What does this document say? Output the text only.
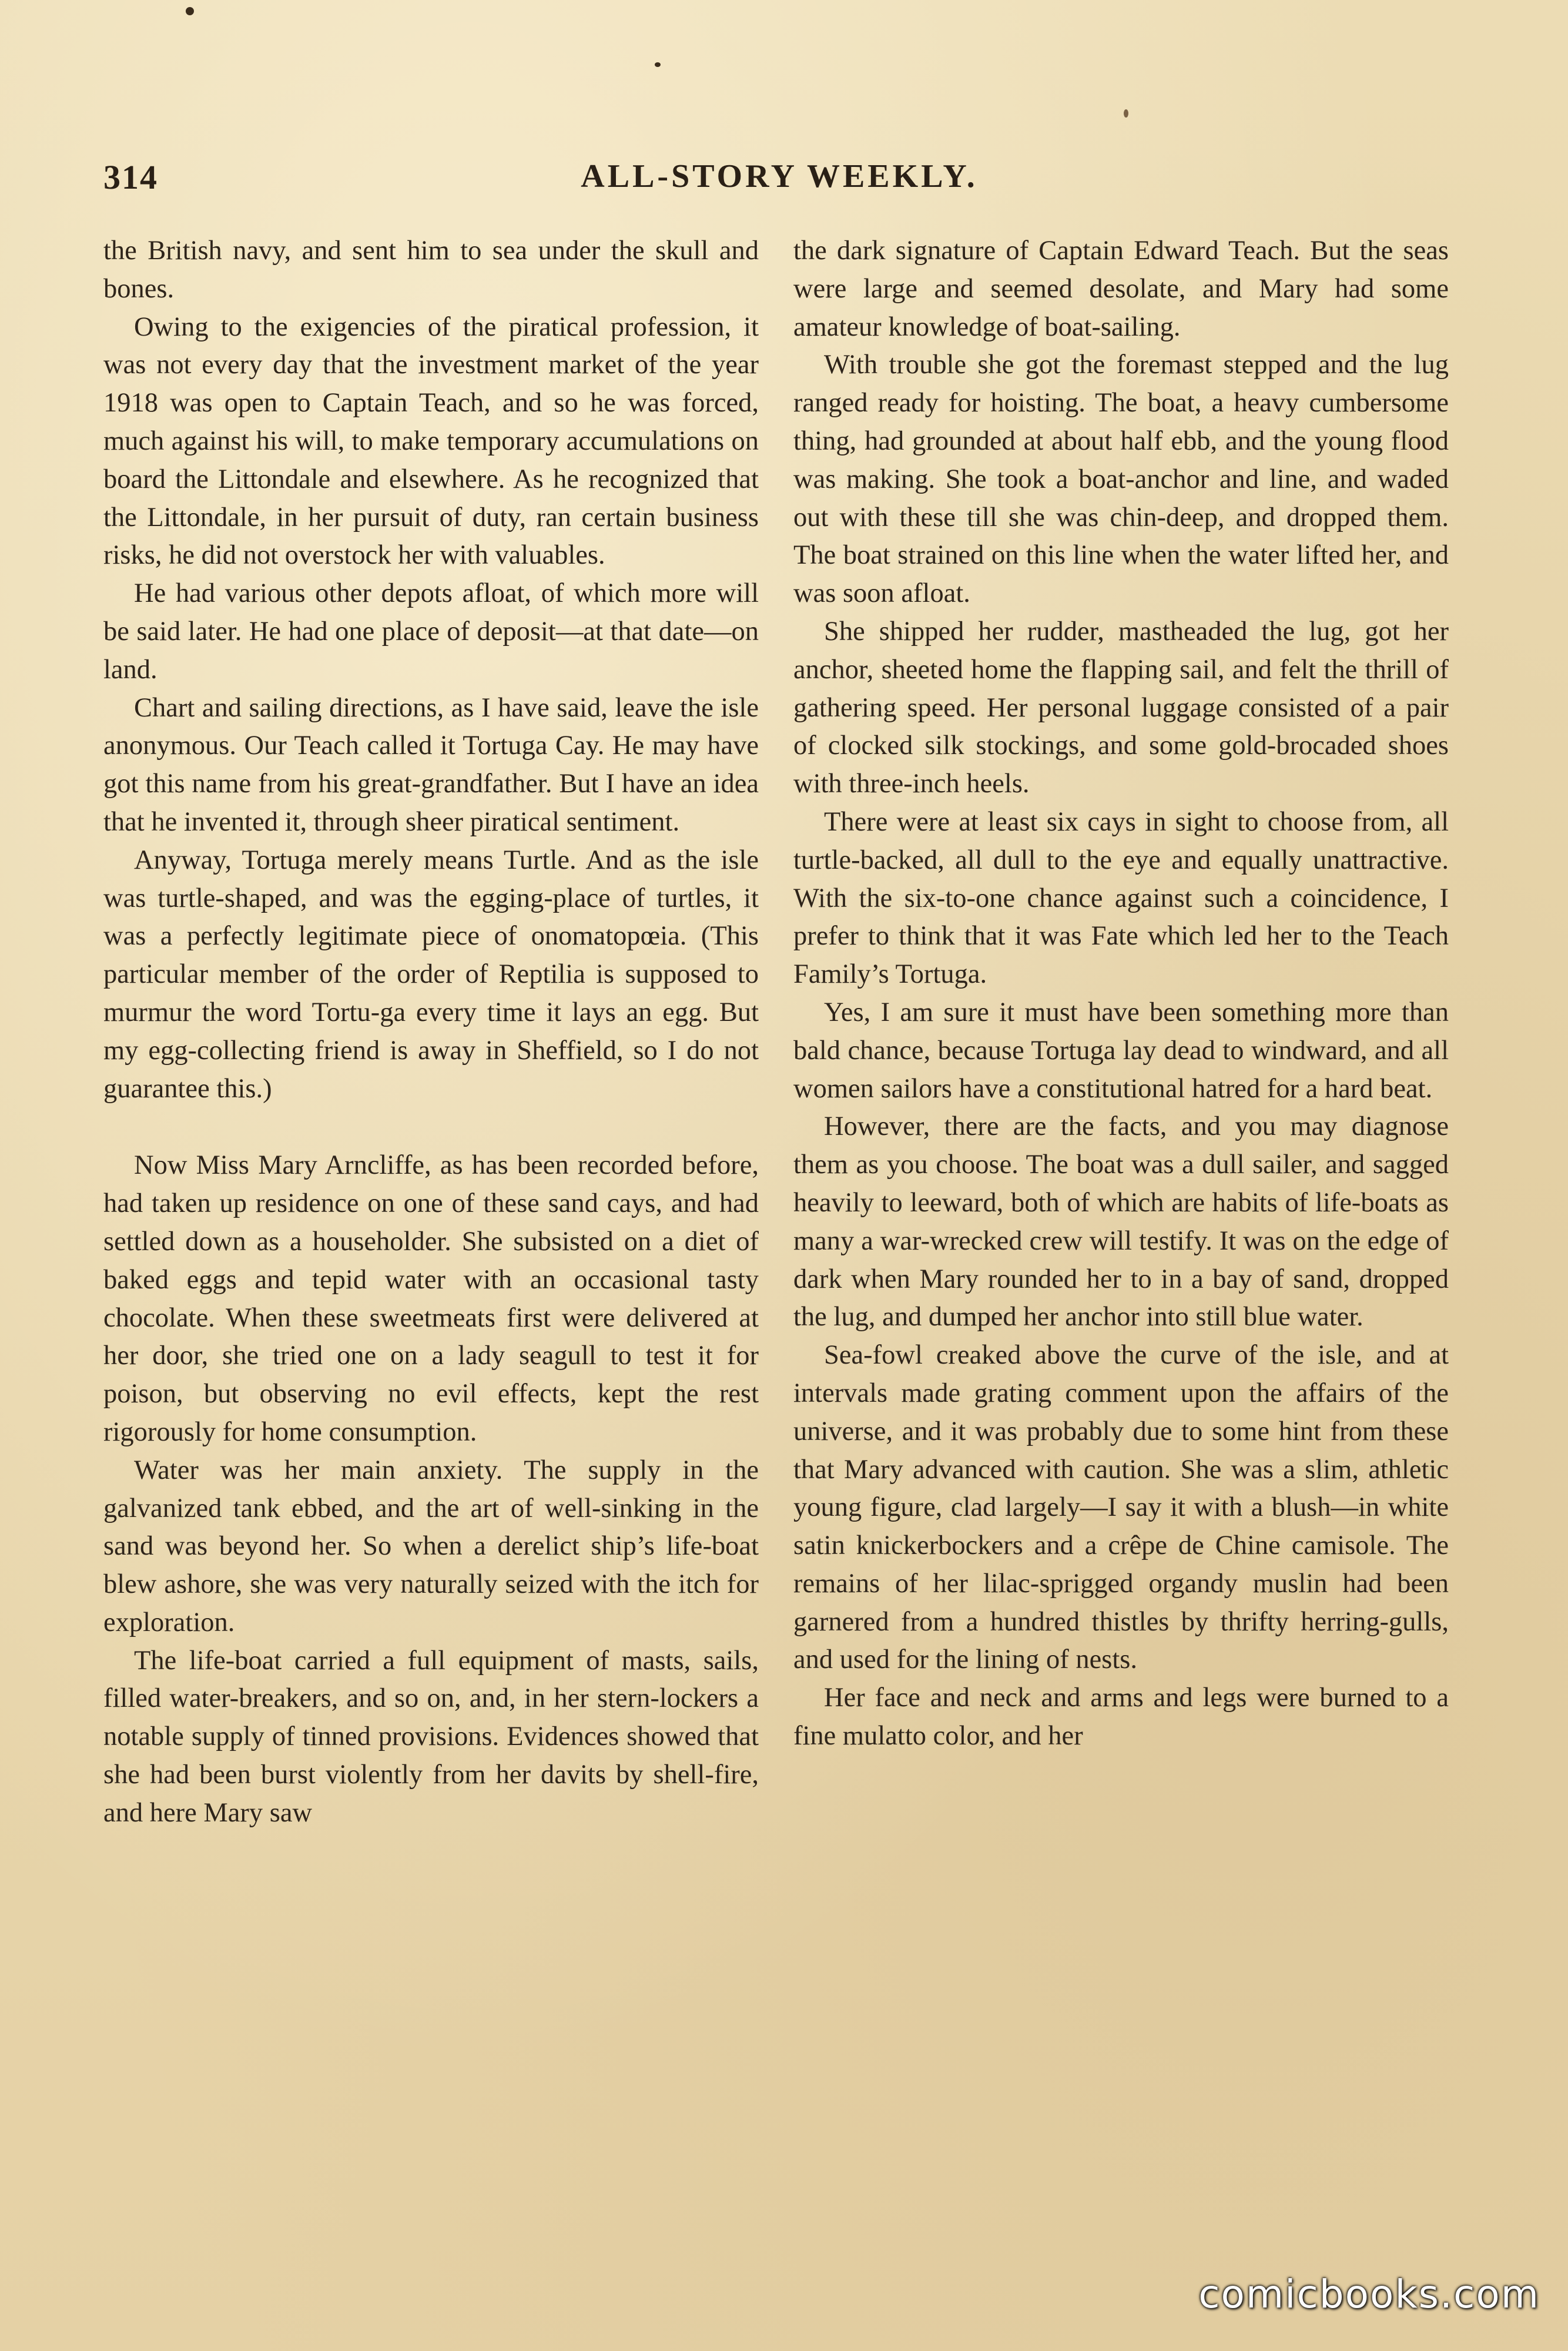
314	ALL-STORY WEEKLY.

the British navy, and sent him to sea under the skull and bones.

Owing to the exigencies of the piratical profession, it was not every day that the investment market of the year 1918 was open to Captain Teach, and so he was forced, much against his will, to make temporary accumulations on board the Littondale and elsewhere. As he recognized that the Littondale, in her pursuit of duty, ran certain business risks, he did not overstock her with valuables.

He had various other depots afloat, of which more will be said later. He had one place of deposit—at that date—on land.

Chart and sailing directions, as I have said, leave the isle anonymous. Our Teach called it Tortuga Cay. He may have got this name from his great-grandfather. But I have an idea that he invented it, through sheer piratical sentiment.

Anyway, Tortuga merely means Turtle. And as the isle was turtle-shaped, and was the egging-place of turtles, it was a perfectly legitimate piece of onomatopœia. (This particular member of the order of Reptilia is supposed to murmur the word Tortu-ga every time it lays an egg. But my egg-collecting friend is away in Sheffield, so I do not guarantee this.)

Now Miss Mary Arncliffe, as has been recorded before, had taken up residence on one of these sand cays, and had settled down as a householder. She subsisted on a diet of baked eggs and tepid water with an occasional tasty chocolate. When these sweetmeats first were delivered at her door, she tried one on a lady seagull to test it for poison, but observing no evil effects, kept the rest rigorously for home consumption.

Water was her main anxiety. The supply in the galvanized tank ebbed, and the art of well-sinking in the sand was beyond her. So when a derelict ship’s life-boat blew ashore, she was very naturally seized with the itch for exploration.

The life-boat carried a full equipment of masts, sails, filled water-breakers, and so on, and, in her stern-lockers a notable supply of tinned provisions. Evidences showed that she had been burst violently from her davits by shell-fire, and here Mary saw

the dark signature of Captain Edward Teach. But the seas were large and seemed desolate, and Mary had some amateur knowledge of boat-sailing.

With trouble she got the foremast stepped and the lug ranged ready for hoisting. The boat, a heavy cumbersome thing, had grounded at about half ebb, and the young flood was making. She took a boat-anchor and line, and waded out with these till she was chin-deep, and dropped them. The boat strained on this line when the water lifted her, and was soon afloat.

She shipped her rudder, mastheaded the lug, got her anchor, sheeted home the flapping sail, and felt the thrill of gathering speed. Her personal luggage consisted of a pair of clocked silk stockings, and some gold-brocaded shoes with three-inch heels.

There were at least six cays in sight to choose from, all turtle-backed, all dull to the eye and equally unattractive. With the six-to-one chance against such a coincidence, I prefer to think that it was Fate which led her to the Teach Family’s Tortuga.

Yes, I am sure it must have been something more than bald chance, because Tortuga lay dead to windward, and all women sailors have a constitutional hatred for a hard beat.

However, there are the facts, and you may diagnose them as you choose. The boat was a dull sailer, and sagged heavily to leeward, both of which are habits of life-boats as many a war-wrecked crew will testify. It was on the edge of dark when Mary rounded her to in a bay of sand, dropped the lug, and dumped her anchor into still blue water.

Sea-fowl creaked above the curve of the isle, and at intervals made grating comment upon the affairs of the universe, and it was probably due to some hint from these that Mary advanced with caution. She was a slim, athletic young figure, clad largely—I say it with a blush—in white satin knickerbockers and a crêpe de Chine camisole. The remains of her lilac-sprigged organdy muslin had been garnered from a hundred thistles by thrifty herring-gulls, and used for the lining of nests.

Her face and neck and arms and legs were burned to a fine mulatto color, and her

comicbooks.com
